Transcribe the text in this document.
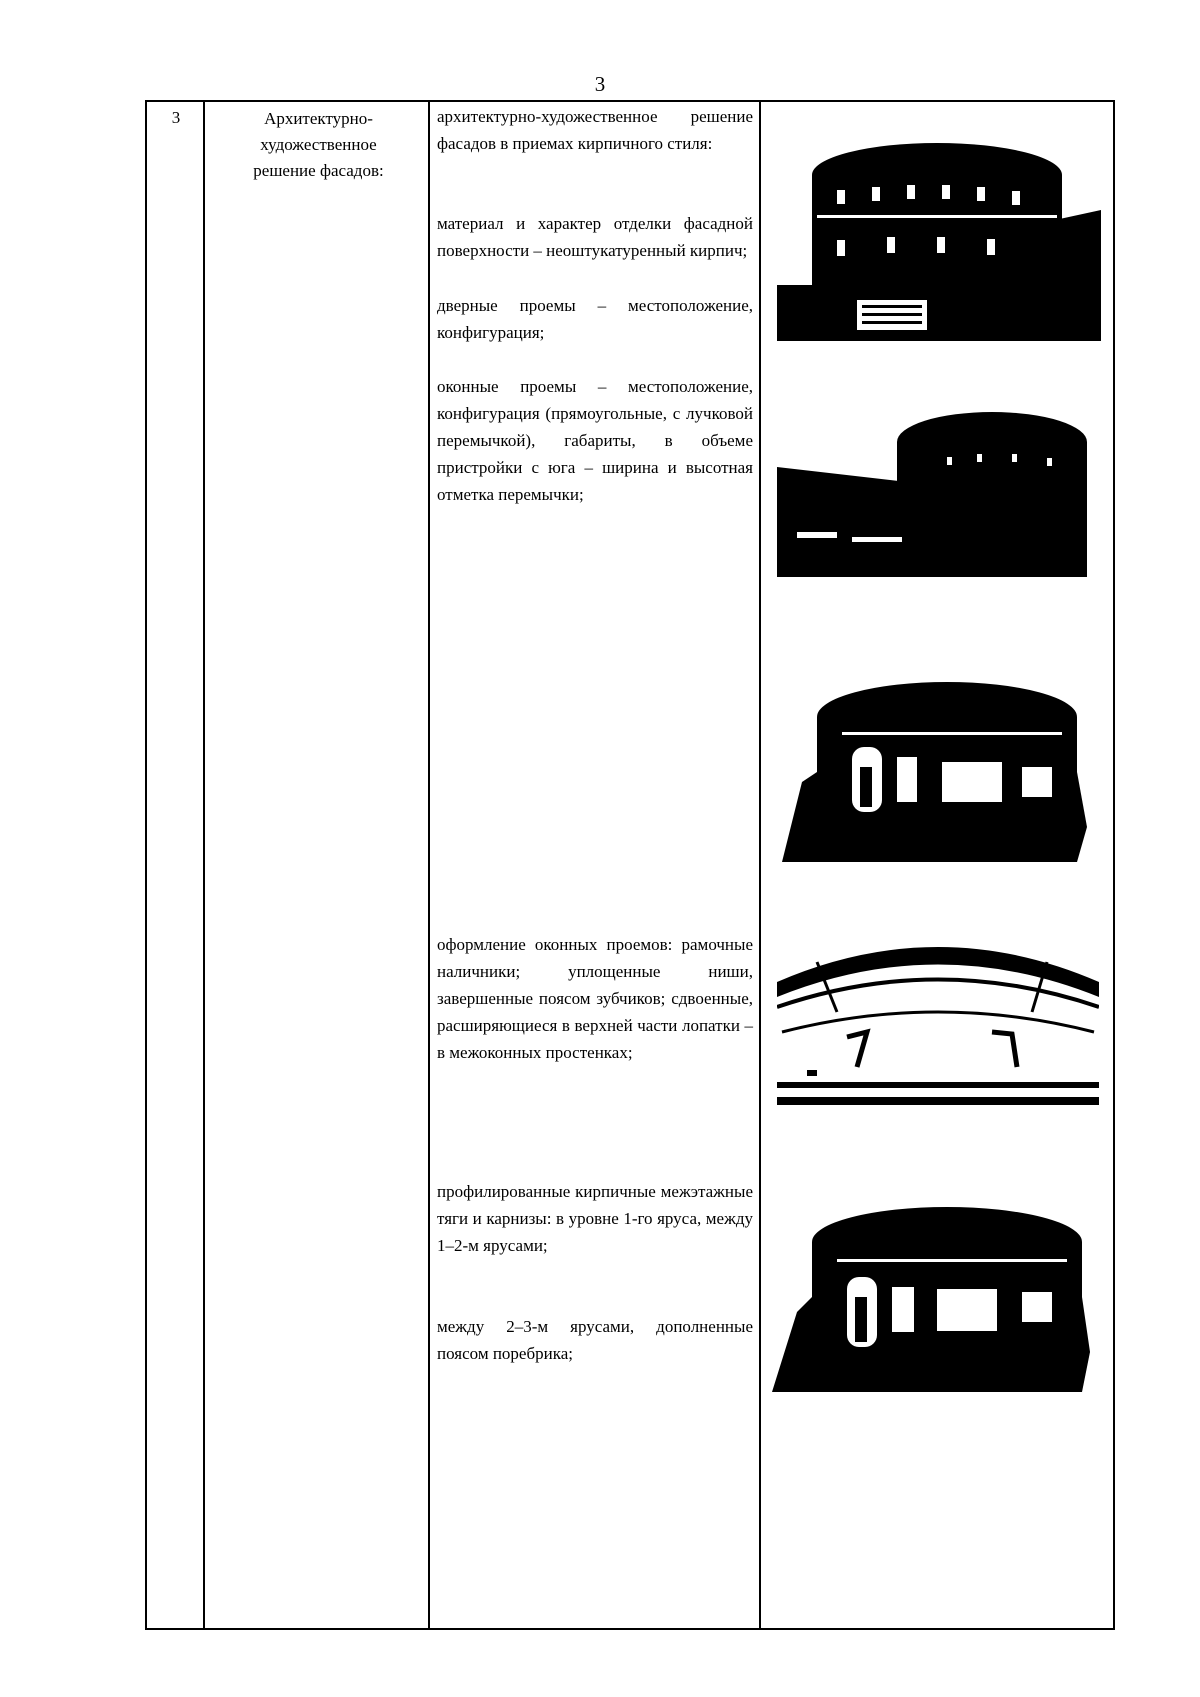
3
3	Архитектурно-
художественное
решение фасадов:
архитектурно-художественное решение фасадов в приемах кирпичного стиля:
материал и характер отделки фасадной поверхности – неоштукатуренный кирпич;
дверные проемы – местоположение, конфигурация;
оконные проемы – местоположение, конфигурация (прямоугольные, с лучковой перемычкой), габариты, в объеме пристройки с юга – ширина и высотная отметка перемычки;
оформление оконных проемов: рамочные наличники; уплощенные ниши, завершенные поясом зубчиков; сдвоенные, расширяющиеся в верхней части лопатки – в межоконных простенках;
профилированные кирпичные межэтажные тяги и карнизы: в уровне 1-го яруса, между 1–2-м ярусами;
между 2–3-м ярусами, дополненные поясом поребрика;
